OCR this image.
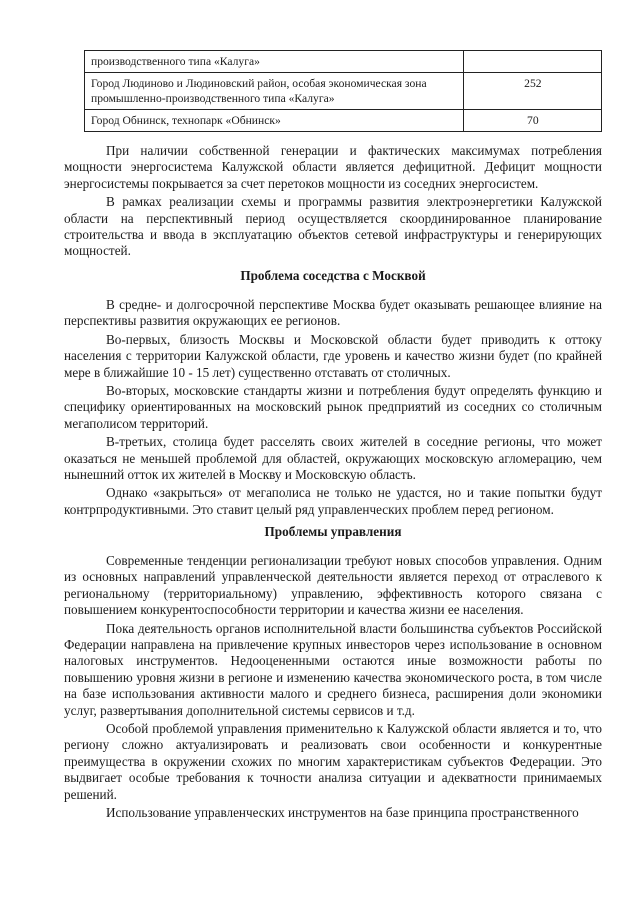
производственного типа «Калуга»	
Город Людиново и Людиновский район, особая экономическая зона промышленно-производственного типа «Калуга»	252
Город Обнинск, технопарк «Обнинск»	70

При наличии собственной генерации и фактических максимумах потребления мощности энергосистема Калужской области является дефицитной. Дефицит мощности энергосистемы покрывается за счет перетоков мощности из соседних энергосистем.

В рамках реализации схемы и программы развития электроэнергетики Калужской области на перспективный период осуществляется скоординированное планирование строительства и ввода в эксплуатацию объектов сетевой инфраструктуры и генерирующих мощностей.

Проблема соседства с Москвой

В средне- и долгосрочной перспективе Москва будет оказывать решающее влияние на перспективы развития окружающих ее регионов.

Во-первых, близость Москвы и Московской области будет приводить к оттоку населения с территории Калужской области, где уровень и качество жизни будет (по крайней мере в ближайшие 10 - 15 лет) существенно отставать от столичных.

Во-вторых, московские стандарты жизни и потребления будут определять функцию и специфику ориентированных на московский рынок предприятий из соседних со столичным мегаполисом территорий.

В-третьих, столица будет расселять своих жителей в соседние регионы, что может оказаться не меньшей проблемой для областей, окружающих московскую агломерацию, чем нынешний отток их жителей в Москву и Московскую область.

Однако «закрыться» от мегаполиса не только не удастся, но и такие попытки будут контрпродуктивными. Это ставит целый ряд управленческих проблем перед регионом.

Проблемы управления

Современные тенденции регионализации требуют новых способов управления. Одним из основных направлений управленческой деятельности является переход от отраслевого к региональному (территориальному) управлению, эффективность которого связана с повышением конкурентоспособности территории и качества жизни ее населения.

Пока деятельность органов исполнительной власти большинства субъектов Российской Федерации направлена на привлечение крупных инвесторов через использование в основном налоговых инструментов. Недооцененными остаются иные возможности работы по повышению уровня жизни в регионе и изменению качества экономического роста, в том числе на базе использования активности малого и среднего бизнеса, расширения доли экономики услуг, развертывания дополнительной системы сервисов и т.д.

Особой проблемой управления применительно к Калужской области является и то, что региону сложно актуализировать и реализовать свои особенности и конкурентные преимущества в окружении схожих по многим характеристикам субъектов Федерации. Это выдвигает особые требования к точности анализа ситуации и адекватности принимаемых решений.

Использование управленческих инструментов на базе принципа пространственного
